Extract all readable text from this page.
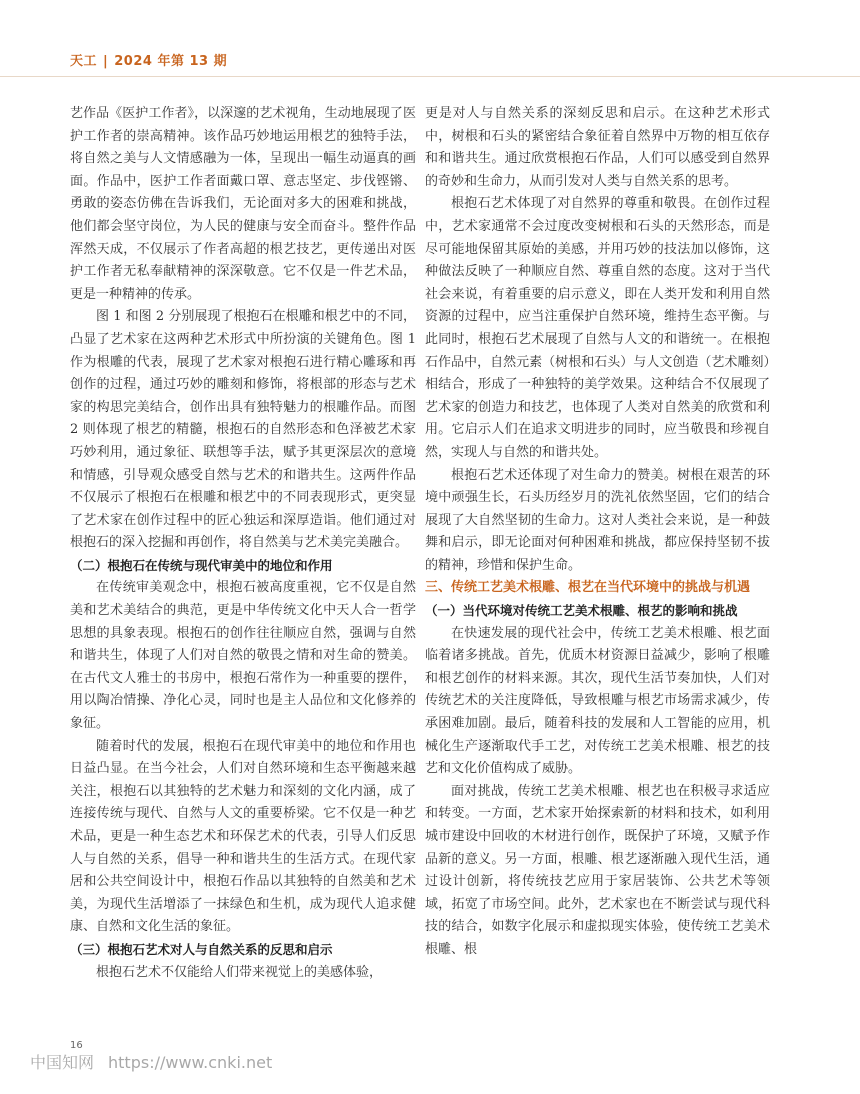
天工 | 2024 年第 13 期

艺作品《医护工作者》，以深邃的艺术视角，生动地展现了医护工作者的崇高精神。该作品巧妙地运用根艺的独特手法，将自然之美与人文情感融为一体，呈现出一幅生动逼真的画面。作品中，医护工作者面戴口罩、意志坚定、步伐铿锵、勇敢的姿态仿佛在告诉我们，无论面对多大的困难和挑战，他们都会坚守岗位，为人民的健康与安全而奋斗。整件作品浑然天成，不仅展示了作者高超的根艺技艺，更传递出对医护工作者无私奉献精神的深深敬意。它不仅是一件艺术品，更是一种精神的传承。

图 1 和图 2 分别展现了根抱石在根雕和根艺中的不同，凸显了艺术家在这两种艺术形式中所扮演的关键角色。图 1 作为根雕的代表，展现了艺术家对根抱石进行精心雕琢和再创作的过程，通过巧妙的雕刻和修饰，将根部的形态与艺术家的构思完美结合，创作出具有独特魅力的根雕作品。而图 2 则体现了根艺的精髓，根抱石的自然形态和色泽被艺术家巧妙利用，通过象征、联想等手法，赋予其更深层次的意境和情感，引导观众感受自然与艺术的和谐共生。这两件作品不仅展示了根抱石在根雕和根艺中的不同表现形式，更突显了艺术家在创作过程中的匠心独运和深厚造诣。他们通过对根抱石的深入挖掘和再创作，将自然美与艺术美完美融合。

（二）根抱石在传统与现代审美中的地位和作用

在传统审美观念中，根抱石被高度重视，它不仅是自然美和艺术美结合的典范，更是中华传统文化中天人合一哲学思想的具象表现。根抱石的创作往往顺应自然，强调与自然和谐共生，体现了人们对自然的敬畏之情和对生命的赞美。在古代文人雅士的书房中，根抱石常作为一种重要的摆件，用以陶冶情操、净化心灵，同时也是主人品位和文化修养的象征。

随着时代的发展，根抱石在现代审美中的地位和作用也日益凸显。在当今社会，人们对自然环境和生态平衡越来越关注，根抱石以其独特的艺术魅力和深刻的文化内涵，成了连接传统与现代、自然与人文的重要桥梁。它不仅是一种艺术品，更是一种生态艺术和环保艺术的代表，引导人们反思人与自然的关系，倡导一种和谐共生的生活方式。在现代家居和公共空间设计中，根抱石作品以其独特的自然美和艺术美，为现代生活增添了一抹绿色和生机，成为现代人追求健康、自然和文化生活的象征。

（三）根抱石艺术对人与自然关系的反思和启示

根抱石艺术不仅能给人们带来视觉上的美感体验，

更是对人与自然关系的深刻反思和启示。在这种艺术形式中，树根和石头的紧密结合象征着自然界中万物的相互依存和和谐共生。通过欣赏根抱石作品，人们可以感受到自然界的奇妙和生命力，从而引发对人类与自然关系的思考。

根抱石艺术体现了对自然界的尊重和敬畏。在创作过程中，艺术家通常不会过度改变树根和石头的天然形态，而是尽可能地保留其原始的美感，并用巧妙的技法加以修饰，这种做法反映了一种顺应自然、尊重自然的态度。这对于当代社会来说，有着重要的启示意义，即在人类开发和利用自然资源的过程中，应当注重保护自然环境，维持生态平衡。与此同时，根抱石艺术展现了自然与人文的和谐统一。在根抱石作品中，自然元素（树根和石头）与人文创造（艺术雕刻）相结合，形成了一种独特的美学效果。这种结合不仅展现了艺术家的创造力和技艺，也体现了人类对自然美的欣赏和利用。它启示人们在追求文明进步的同时，应当敬畏和珍视自然，实现人与自然的和谐共处。

根抱石艺术还体现了对生命力的赞美。树根在艰苦的环境中顽强生长，石头历经岁月的洗礼依然坚固，它们的结合展现了大自然坚韧的生命力。这对人类社会来说，是一种鼓舞和启示，即无论面对何种困难和挑战，都应保持坚韧不拔的精神，珍惜和保护生命。

三、传统工艺美术根雕、根艺在当代环境中的挑战与机遇

（一）当代环境对传统工艺美术根雕、根艺的影响和挑战

在快速发展的现代社会中，传统工艺美术根雕、根艺面临着诸多挑战。首先，优质木材资源日益减少，影响了根雕和根艺创作的材料来源。其次，现代生活节奏加快，人们对传统艺术的关注度降低，导致根雕与根艺市场需求减少，传承困难加剧。最后，随着科技的发展和人工智能的应用，机械化生产逐渐取代手工艺，对传统工艺美术根雕、根艺的技艺和文化价值构成了威胁。

面对挑战，传统工艺美术根雕、根艺也在积极寻求适应和转变。一方面，艺术家开始探索新的材料和技术，如利用城市建设中回收的木材进行创作，既保护了环境，又赋予作品新的意义。另一方面，根雕、根艺逐渐融入现代生活，通过设计创新，将传统技艺应用于家居装饰、公共艺术等领域，拓宽了市场空间。此外，艺术家也在不断尝试与现代科技的结合，如数字化展示和虚拟现实体验，使传统工艺美术根雕、根

16
中国知网 https://www.cnki.net
